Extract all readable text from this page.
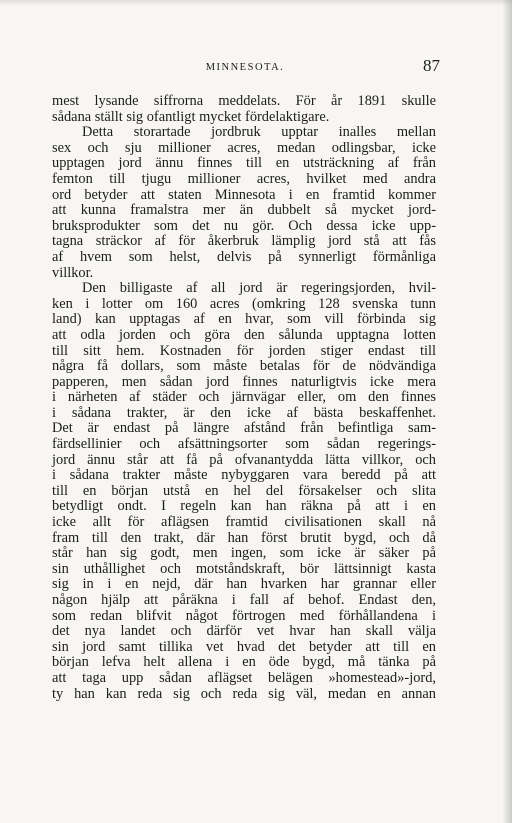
MINNESOTA.	87
mest lysande siffrorna meddelats. För år 1891 skulle
sådana ställt sig ofantligt mycket fördelaktigare.
Detta storartade jordbruk upptar inalles mellan
sex och sju millioner acres, medan odlingsbar, icke
upptagen jord ännu finnes till en utsträckning af från
femton till tjugu millioner acres, hvilket med andra
ord betyder att staten Minnesota i en framtid kommer
att kunna framalstra mer än dubbelt så mycket jord-
bruksprodukter som det nu gör. Och dessa icke upp-
tagna sträckor af för åkerbruk lämplig jord stå att fås
af hvem som helst, delvis på synnerligt förmånliga
villkor.
Den billigaste af all jord är regeringsjorden, hvil-
ken i lotter om 160 acres (omkring 128 svenska tunn
land) kan upptagas af en hvar, som vill förbinda sig
att odla jorden och göra den sålunda upptagna lotten
till sitt hem. Kostnaden för jorden stiger endast till
några få dollars, som måste betalas för de nödvändiga
papperen, men sådan jord finnes naturligtvis icke mera
i närheten af städer och järnvägar eller, om den finnes
i sådana trakter, är den icke af bästa beskaffenhet.
Det är endast på längre afstånd från befintliga sam-
färdsellinier och afsättningsorter som sådan regerings-
jord ännu står att få på ofvanantydda lätta villkor, och
i sådana trakter måste nybyggaren vara beredd på att
till en början utstå en hel del försakelser och slita
betydligt ondt. I regeln kan han räkna på att i en
icke allt för aflägsen framtid civilisationen skall nå
fram till den trakt, där han först brutit bygd, och då
står han sig godt, men ingen, som icke är säker på
sin uthållighet och motståndskraft, bör lättsinnigt kasta
sig in i en nejd, där han hvarken har grannar eller
någon hjälp att påräkna i fall af behof. Endast den,
som redan blifvit något förtrogen med förhållandena i
det nya landet och därför vet hvar han skall välja
sin jord samt tillika vet hvad det betyder att till en
början lefva helt allena i en öde bygd, må tänka på
att taga upp sådan aflägset belägen »homestead»-jord,
ty han kan reda sig och reda sig väl, medan en annan
